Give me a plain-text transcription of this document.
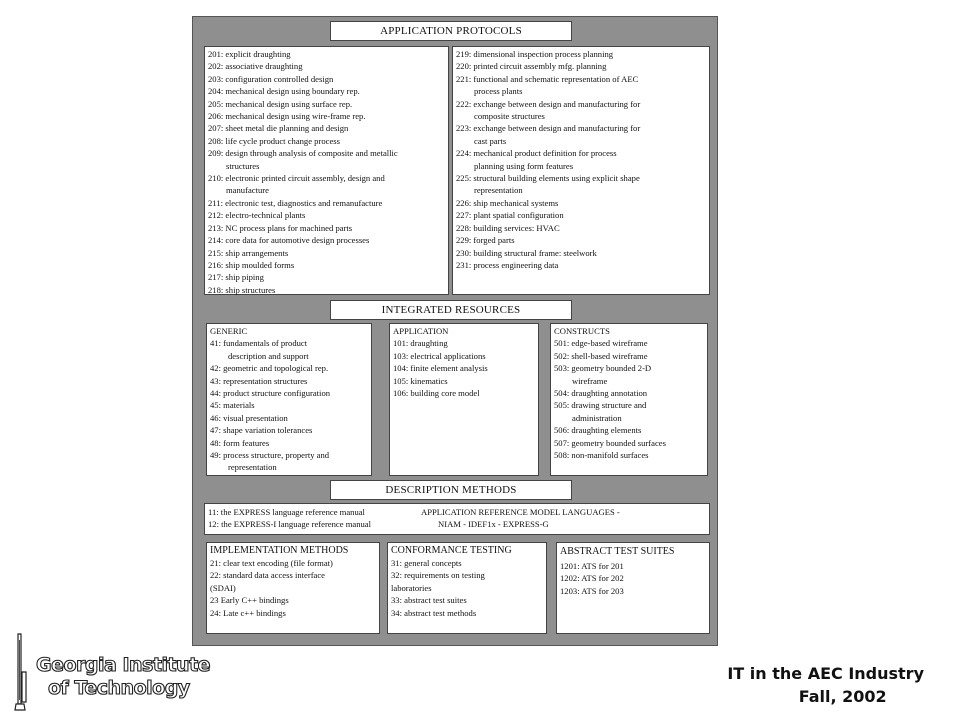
APPLICATION PROTOCOLS
201: explicit draughting
202: associative draughting
203: configuration controlled design
204: mechanical design using boundary rep.
205: mechanical design using surface rep.
206: mechanical design using wire-frame rep.
207: sheet metal die planning and design
208: life cycle product change process
209: design through analysis of composite and metallic
structures
210: electronic printed circuit assembly, design and
manufacture
211: electronic test, diagnostics and remanufacture
212: electro-technical plants
213: NC process plans for machined parts
214: core data for automotive design processes
215: ship arrangements
216: ship moulded forms
217: ship piping
218: ship structures
219: dimensional inspection process planning
220: printed circuit assembly mfg. planning
221: functional and schematic representation of AEC
process plants
222: exchange between design and manufacturing for
composite structures
223: exchange between design and manufacturing for
cast parts
224: mechanical product definition for process
planning using form features
225: structural building elements using explicit shape
representation
226: ship mechanical systems
227: plant spatial configuration
228: building services: HVAC
229: forged parts
230: building structural frame: steelwork
231: process engineering data
INTEGRATED RESOURCES
GENERIC
41: fundamentals of product
description and support
42: geometric and topological rep.
43: representation structures
44: product structure configuration
45: materials
46: visual presentation
47: shape variation tolerances
48: form features
49: process structure, property and
representation
APPLICATION
101: draughting
103: electrical applications
104: finite element analysis
105: kinematics
106: building core model
CONSTRUCTS
501: edge-based wireframe
502: shell-based wireframe
503: geometry bounded 2-D
wireframe
504: draughting annotation
505: drawing structure and
administration
506: draughting elements
507: geometry bounded surfaces
508: non-manifold surfaces
DESCRIPTION METHODS
11: the EXPRESS language reference manual
12: the EXPRESS-I language reference manual
APPLICATION REFERENCE MODEL LANGUAGES -
NIAM - IDEF1x - EXPRESS-G
IMPLEMENTATION METHODS
21: clear text encoding (file format)
22: standard data access interface
(SDAI)
23 Early C++ bindings
24: Late c++ bindings
CONFORMANCE TESTING
31: general concepts
32: requirements on testing
laboratories
33: abstract test suites
34: abstract test methods
ABSTRACT TEST SUITES
1201: ATS for 201
1202: ATS for 202
1203: ATS for 203
Georgia Institute
of Technology
IT in the AEC Industry
Fall, 2002
